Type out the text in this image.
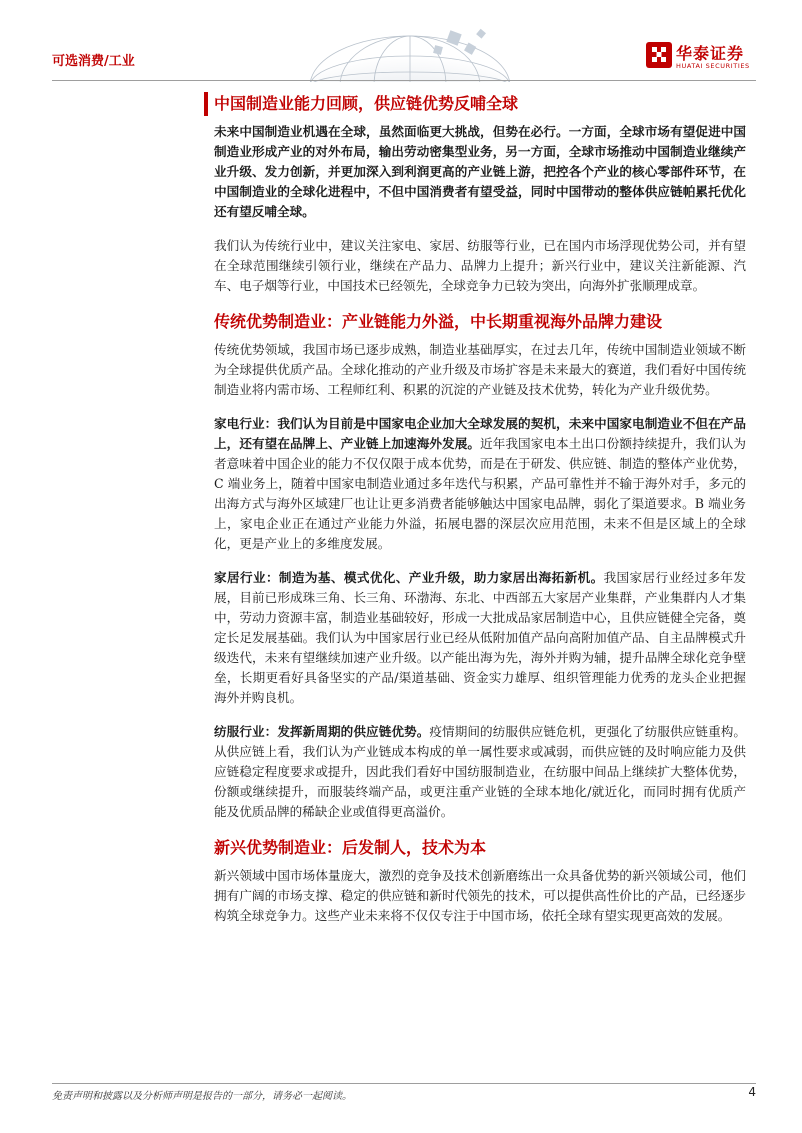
可选消费/工业	华泰证券
HUATAI SECURITIES
中国制造业能力回顾，供应链优势反哺全球

未来中国制造业机遇在全球，虽然面临更大挑战，但势在必行。一方面，全球市场有望促进中国制造业形成产业的对外布局，输出劳动密集型业务，另一方面，全球市场推动中国制造业继续产业升级、发力创新，并更加深入到利润更高的产业链上游，把控各个产业的核心零部件环节，在中国制造业的全球化进程中，不但中国消费者有望受益，同时中国带动的整体供应链帕累托优化还有望反哺全球。

我们认为传统行业中，建议关注家电、家居、纺服等行业，已在国内市场浮现优势公司，并有望在全球范围继续引领行业，继续在产品力、品牌力上提升；新兴行业中，建议关注新能源、汽车、电子烟等行业，中国技术已经领先，全球竞争力已较为突出，向海外扩张顺理成章。

传统优势制造业：产业链能力外溢，中长期重视海外品牌力建设

传统优势领域，我国市场已逐步成熟，制造业基础厚实，在过去几年，传统中国制造业领域不断为全球提供优质产品。全球化推动的产业升级及市场扩容是未来最大的赛道，我们看好中国传统制造业将内需市场、工程师红利、积累的沉淀的产业链及技术优势，转化为产业升级优势。

家电行业：我们认为目前是中国家电企业加大全球发展的契机，未来中国家电制造业不但在产品上，还有望在品牌上、产业链上加速海外发展。近年我国家电本土出口份额持续提升，我们认为者意味着中国企业的能力不仅仅限于成本优势，而是在于研发、供应链、制造的整体产业优势，C 端业务上，随着中国家电制造业通过多年迭代与积累，产品可靠性并不输于海外对手，多元的出海方式与海外区域建厂也让让更多消费者能够触达中国家电品牌，弱化了渠道要求。B 端业务上，家电企业正在通过产业能力外溢，拓展电器的深层次应用范围，未来不但是区域上的全球化，更是产业上的多维度发展。

家居行业：制造为基、模式优化、产业升级，助力家居出海拓新机。我国家居行业经过多年发展，目前已形成珠三角、长三角、环渤海、东北、中西部五大家居产业集群，产业集群内人才集中，劳动力资源丰富，制造业基础较好，形成一大批成品家居制造中心，且供应链健全完备，奠定长足发展基础。我们认为中国家居行业已经从低附加值产品向高附加值产品、自主品牌模式升级迭代，未来有望继续加速产业升级。以产能出海为先，海外并购为辅，提升品牌全球化竞争壁垒，长期更看好具备坚实的产品/渠道基础、资金实力雄厚、组织管理能力优秀的龙头企业把握海外并购良机。

纺服行业：发挥新周期的供应链优势。疫情期间的纺服供应链危机，更强化了纺服供应链重构。从供应链上看，我们认为产业链成本构成的单一属性要求或减弱，而供应链的及时响应能力及供应链稳定程度要求或提升，因此我们看好中国纺服制造业，在纺服中间品上继续扩大整体优势，份额或继续提升，而服装终端产品，或更注重产业链的全球本地化/就近化，而同时拥有优质产能及优质品牌的稀缺企业或值得更高溢价。

新兴优势制造业：后发制人，技术为本

新兴领域中国市场体量庞大，激烈的竞争及技术创新磨练出一众具备优势的新兴领域公司，他们拥有广阔的市场支撑、稳定的供应链和新时代领先的技术，可以提供高性价比的产品，已经逐步构筑全球竞争力。这些产业未来将不仅仅专注于中国市场，依托全球有望实现更高效的发展。

免责声明和披露以及分析师声明是报告的一部分，请务必一起阅读。	4
